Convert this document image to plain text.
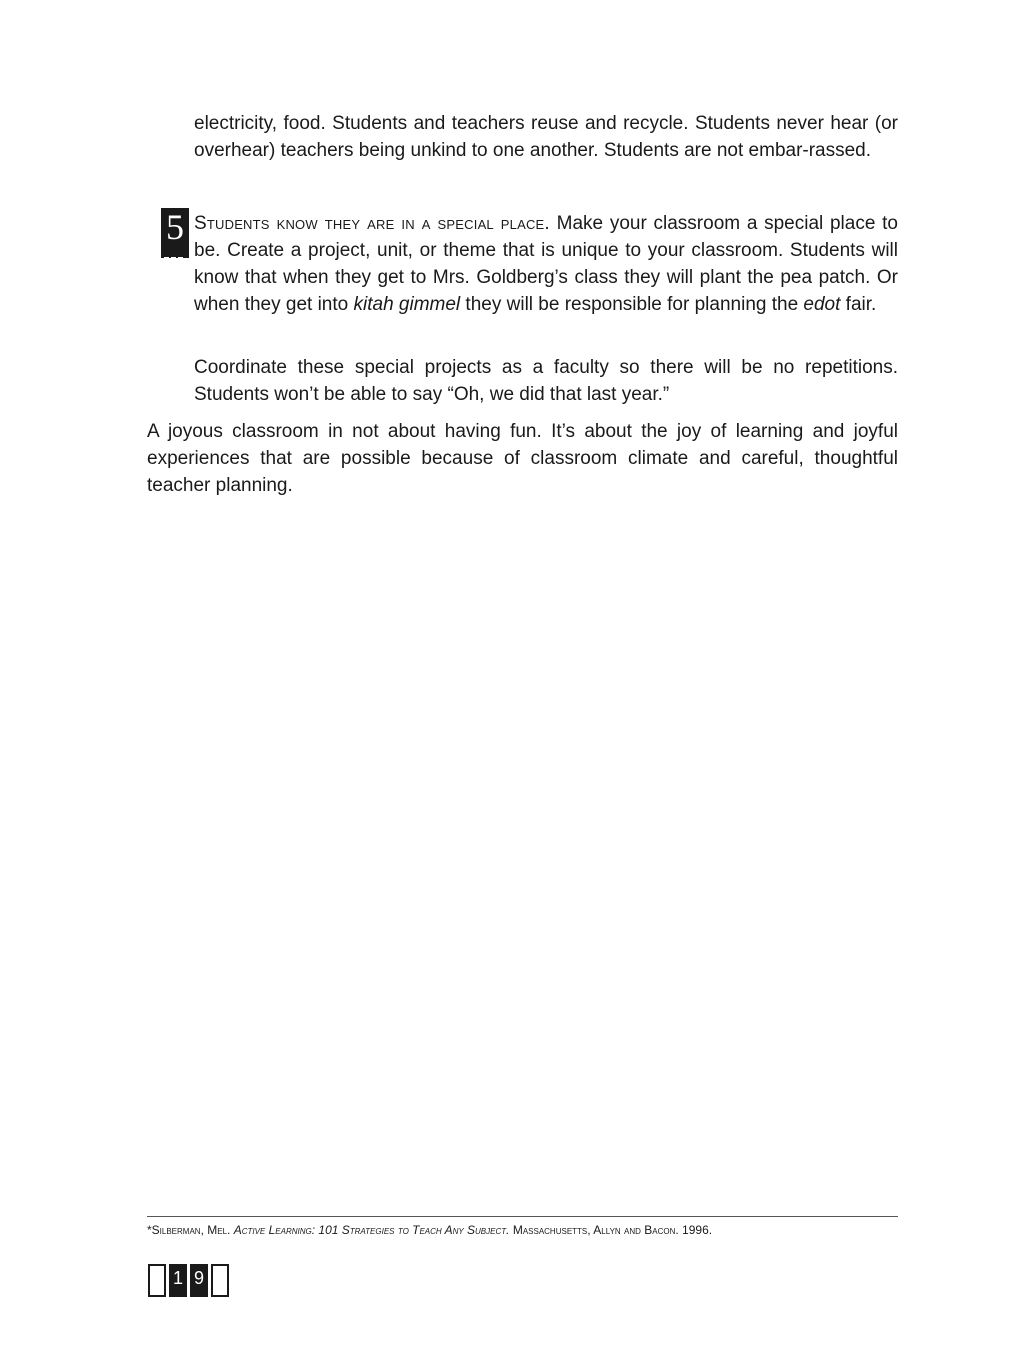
electricity, food. Students and teachers reuse and recycle. Students never hear (or overhear) teachers being unkind to one another. Students are not embar-rassed.

5 Students know they are in a special place. Make your classroom a special place to be. Create a project, unit, or theme that is unique to your classroom. Students will know that when they get to Mrs. Goldberg’s class they will plant the pea patch. Or when they get into kitah gimmel they will be responsible for planning the edot fair.

Coordinate these special projects as a faculty so there will be no repetitions. Students won’t be able to say “Oh, we did that last year.”

A joyous classroom in not about having fun. It’s about the joy of learning and joyful experiences that are possible because of classroom climate and careful, thoughtful teacher planning.

*Silberman, Mel. Active Learning: 101 Strategies to Teach Any Subject. Massachusetts, Allyn and Bacon. 1996.
1 9
